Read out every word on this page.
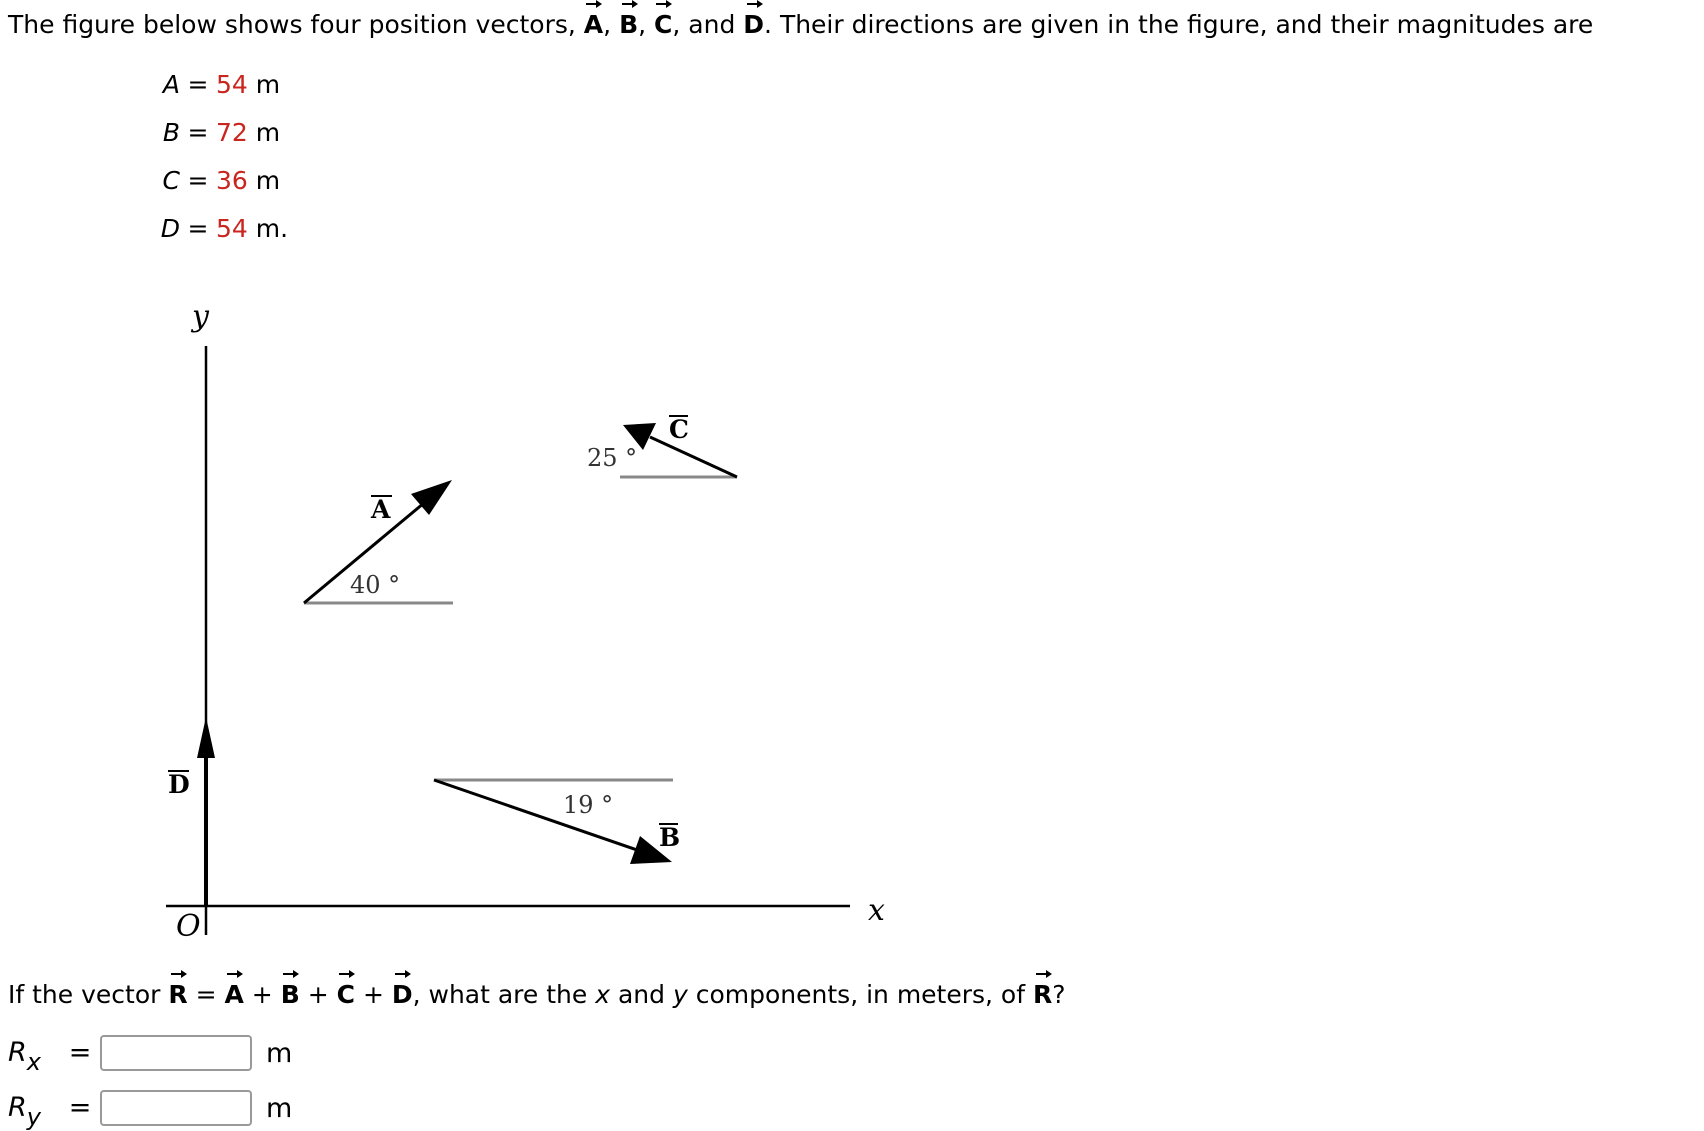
The figure below shows four position vectors, A, B, C, and D. Their directions are given in the figure, and their magnitudes are
A = 54 m
B = 72 m
C = 36 m
D = 54 m.
y
x
O
D
A
40 °
C
25 °
B
19 °
If the vector R = A + B + C + D, what are the x and y components, in meters, of R?
$R_x$ =	m
$R_y$ =	m
